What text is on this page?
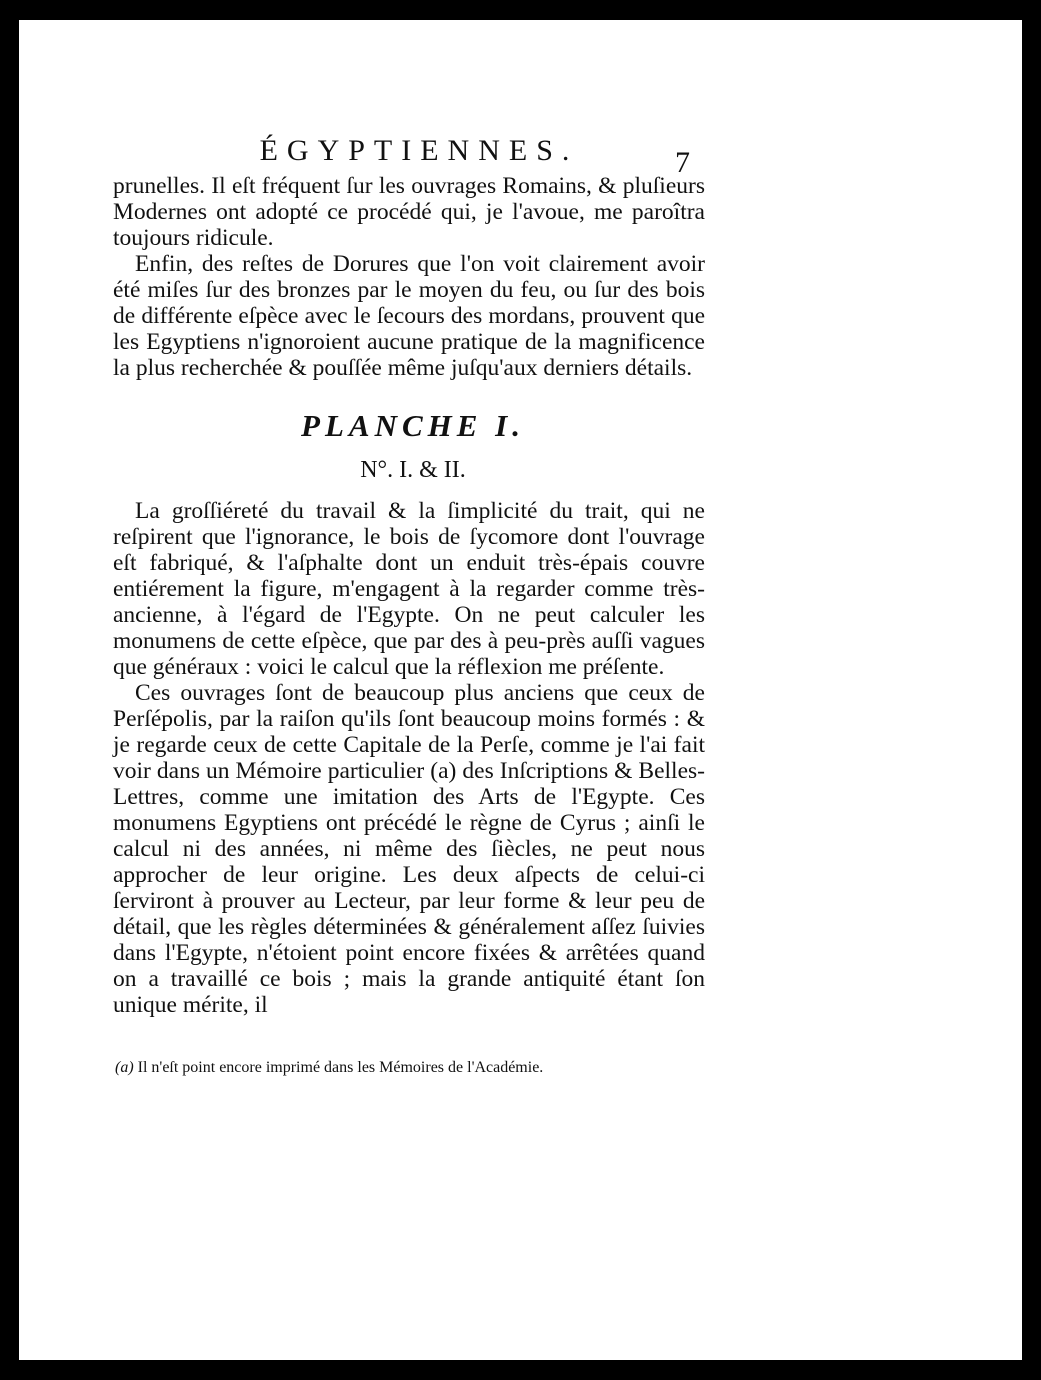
ÉGYPTIENNES.	7

prunelles. Il eſt fréquent ſur les ouvrages Romains, & pluſieurs Modernes ont adopté ce procédé qui, je l'avoue, me paroîtra toujours ridicule.

Enfin, des reſtes de Dorures que l'on voit clairement avoir été miſes ſur des bronzes par le moyen du feu, ou ſur des bois de différente eſpèce avec le ſecours des mordans, prouvent que les Egyptiens n'ignoroient aucune pratique de la magnificence la plus recherchée & pouſſée même juſqu'aux derniers détails.

PLANCHE I.
N°. I. & II.

La groſſiéreté du travail & la ſimplicité du trait, qui ne reſpirent que l'ignorance, le bois de ſycomore dont l'ouvrage eſt fabriqué, & l'aſphalte dont un enduit très-épais couvre entiérement la figure, m'engagent à la regarder comme très-ancienne, à l'égard de l'Egypte. On ne peut calculer les monumens de cette eſpèce, que par des à peu-près auſſi vagues que généraux : voici le calcul que la réflexion me préſente.

Ces ouvrages ſont de beaucoup plus anciens que ceux de Perſépolis, par la raiſon qu'ils ſont beaucoup moins formés : & je regarde ceux de cette Capitale de la Perſe, comme je l'ai fait voir dans un Mémoire particulier (a) des Inſcriptions & Belles-Lettres, comme une imitation des Arts de l'Egypte. Ces monumens Egyptiens ont précédé le règne de Cyrus ; ainſi le calcul ni des années, ni même des ſiècles, ne peut nous approcher de leur origine. Les deux aſpects de celui-ci ſerviront à prouver au Lecteur, par leur forme & leur peu de détail, que les règles déterminées & généralement aſſez ſuivies dans l'Egypte, n'étoient point encore fixées & arrêtées quand on a travaillé ce bois ; mais la grande antiquité étant ſon unique mérite, il

(a) Il n'eſt point encore imprimé dans les Mémoires de l'Académie.
